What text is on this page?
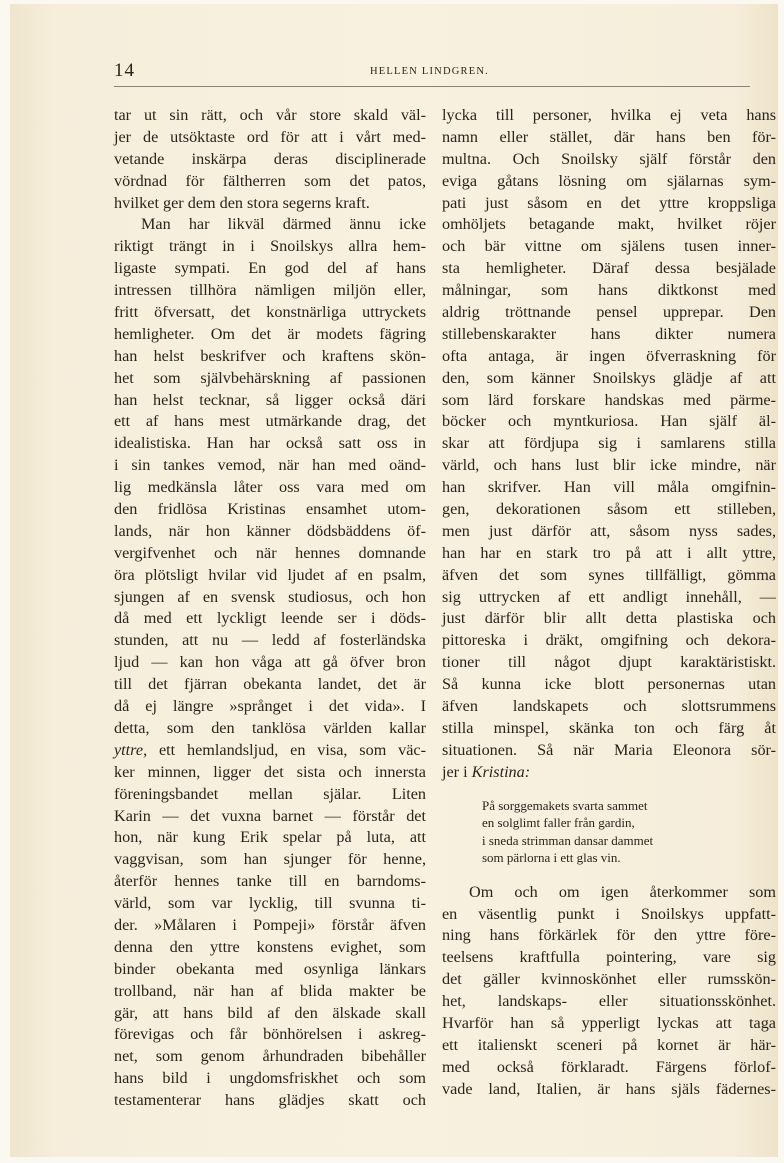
14	HELLEN LINDGREN.
tar ut sin rätt, och vår store skald väl-
jer de utsöktaste ord för att i vårt med-
vetande inskärpa deras disciplinerade
vördnad för fältherren som det patos,
hvilket ger dem den stora segerns kraft.
Man har likväl därmed ännu icke
riktigt trängt in i Snoilskys allra hem-
ligaste sympati. En god del af hans
intressen tillhöra nämligen miljön eller,
fritt öfversatt, det konstnärliga uttryckets
hemligheter. Om det är modets fägring
han helst beskrifver och kraftens skön-
het som självbehärskning af passionen
han helst tecknar, så ligger också däri
ett af hans mest utmärkande drag, det
idealistiska. Han har också satt oss in
i sin tankes vemod, när han med oänd-
lig medkänsla låter oss vara med om
den fridlösa Kristinas ensamhet utom-
lands, när hon känner dödsbäddens öf-
vergifvenhet och när hennes domnande
öra plötsligt hvilar vid ljudet af en psalm,
sjungen af en svensk studiosus, och hon
då med ett lyckligt leende ser i döds-
stunden, att nu –– ledd af fosterländska
ljud — kan hon våga att gå öfver bron
till det fjärran obekanta landet, det är
då ej längre »språnget i det vida». I
detta, som den tanklösa världen kallar
yttre, ett hemlandsljud, en visa, som väc-
ker minnen, ligger det sista och innersta
föreningsbandet mellan själar. Liten
Karin –– det vuxna barnet — förstår det
hon, när kung Erik spelar på luta, att
vaggvisan, som han sjunger för henne,
återför hennes tanke till en barndoms-
värld, som var lycklig, till svunna ti-
der. »Målaren i Pompeji» förstår äfven
denna den yttre konstens evighet, som
binder obekanta med osynliga länkars
trollband, när han af blida makter be
gär, att hans bild af den älskade skall
förevigas och får bönhörelsen i askreg-
net, som genom århundraden bibehåller
hans bild i ungdomsfriskhet och som
testamenterar hans glädjes skatt och
lycka till personer, hvilka ej veta hans
namn eller stället, där hans ben för-
multna. Och Snoilsky själf förstår den
eviga gåtans lösning om själarnas sym-
pati just såsom en det yttre kroppsliga
omhöljets betagande makt, hvilket röjer
och bär vittne om själens tusen inner-
sta hemligheter. Däraf dessa besjälade
målningar, som hans diktkonst med
aldrig tröttnande pensel upprepar. Den
stillebenskarakter hans dikter numera
ofta antaga, är ingen öfverraskning för
den, som känner Snoilskys glädje af att
som lärd forskare handskas med pärme-
böcker och myntkuriosa. Han själf äl-
skar att fördjupa sig i samlarens stilla
värld, och hans lust blir icke mindre, när
han skrifver. Han vill måla omgifnin-
gen, dekorationen såsom ett stilleben,
men just därför att, såsom nyss sades,
han har en stark tro på att i allt yttre,
äfven det som synes tillfälligt, gömma
sig uttrycken af ett andligt innehåll, —
just därför blir allt detta plastiska och
pittoreska i dräkt, omgifning och dekora-
tioner till något djupt karaktäristiskt.
Så kunna icke blott personernas utan
äfven landskapets och slottsrummens
stilla minspel, skänka ton och färg åt
situationen. Så när Maria Eleonora sör-
jer i Kristina:
På sorggemakets svarta sammet
en solglimt faller från gardin,
i sneda strimman dansar dammet
som pärlorna i ett glas vin.
Om och om igen återkommer som
en väsentlig punkt i Snoilskys uppfatt-
ning hans förkärlek för den yttre före-
teelsens kraftfulla pointering, vare sig
det gäller kvinnoskönhet eller rumsskön-
het, landskaps- eller situationsskönhet.
Hvarför han så ypperligt lyckas att taga
ett italienskt sceneri på kornet är här-
med också förklaradt. Färgens förlof-
vade land, Italien, är hans själs fädernes-
